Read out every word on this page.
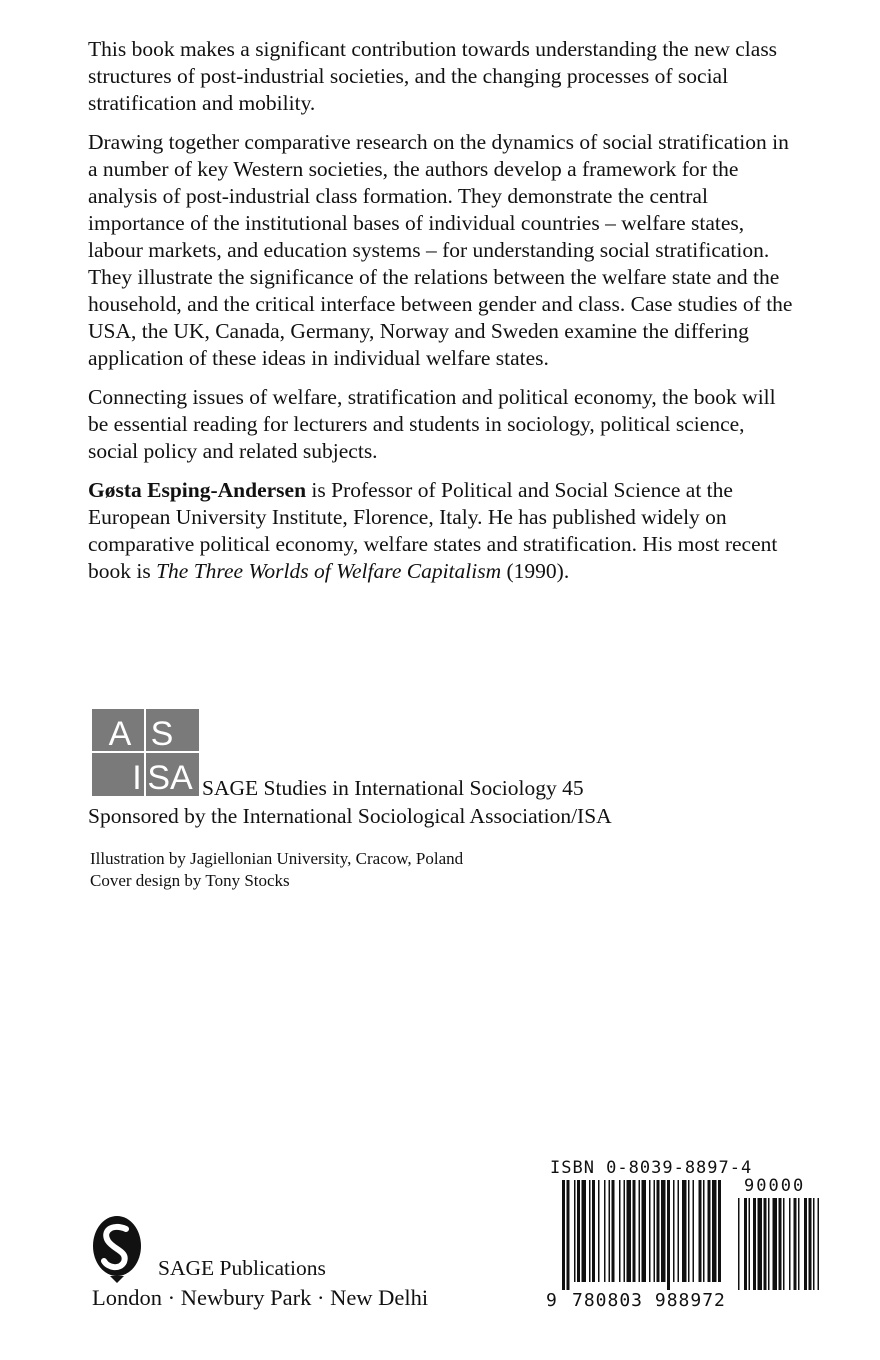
This book makes a significant contribution towards understanding the new class structures of post-industrial societies, and the changing processes of social stratification and mobility.

Drawing together comparative research on the dynamics of social stratification in a number of key Western societies, the authors develop a framework for the analysis of post-industrial class formation. They demonstrate the central importance of the institutional bases of individual countries – welfare states, labour markets, and education systems – for understanding social stratification. They illustrate the significance of the relations between the welfare state and the household, and the critical interface between gender and class. Case studies of the USA, the UK, Canada, Germany, Norway and Sweden examine the differing application of these ideas in individual welfare states.

Connecting issues of welfare, stratification and political economy, the book will be essential reading for lecturers and students in sociology, political science, social policy and related subjects.

Gøsta Esping-Andersen is Professor of Political and Social Science at the European University Institute, Florence, Italy. He has published widely on comparative political economy, welfare states and stratification. His most recent book is The Three Worlds of Welfare Capitalism (1990).

A S
I SA SAGE Studies in International Sociology 45
Sponsored by the International Sociological Association/ISA
Illustration by Jagiellonian University, Cracow, Poland
Cover design by Tony Stocks
SAGE Publications
London · Newbury Park · New Delhi
ISBN 0-8039-8897-4
90000
9 780803 988972
